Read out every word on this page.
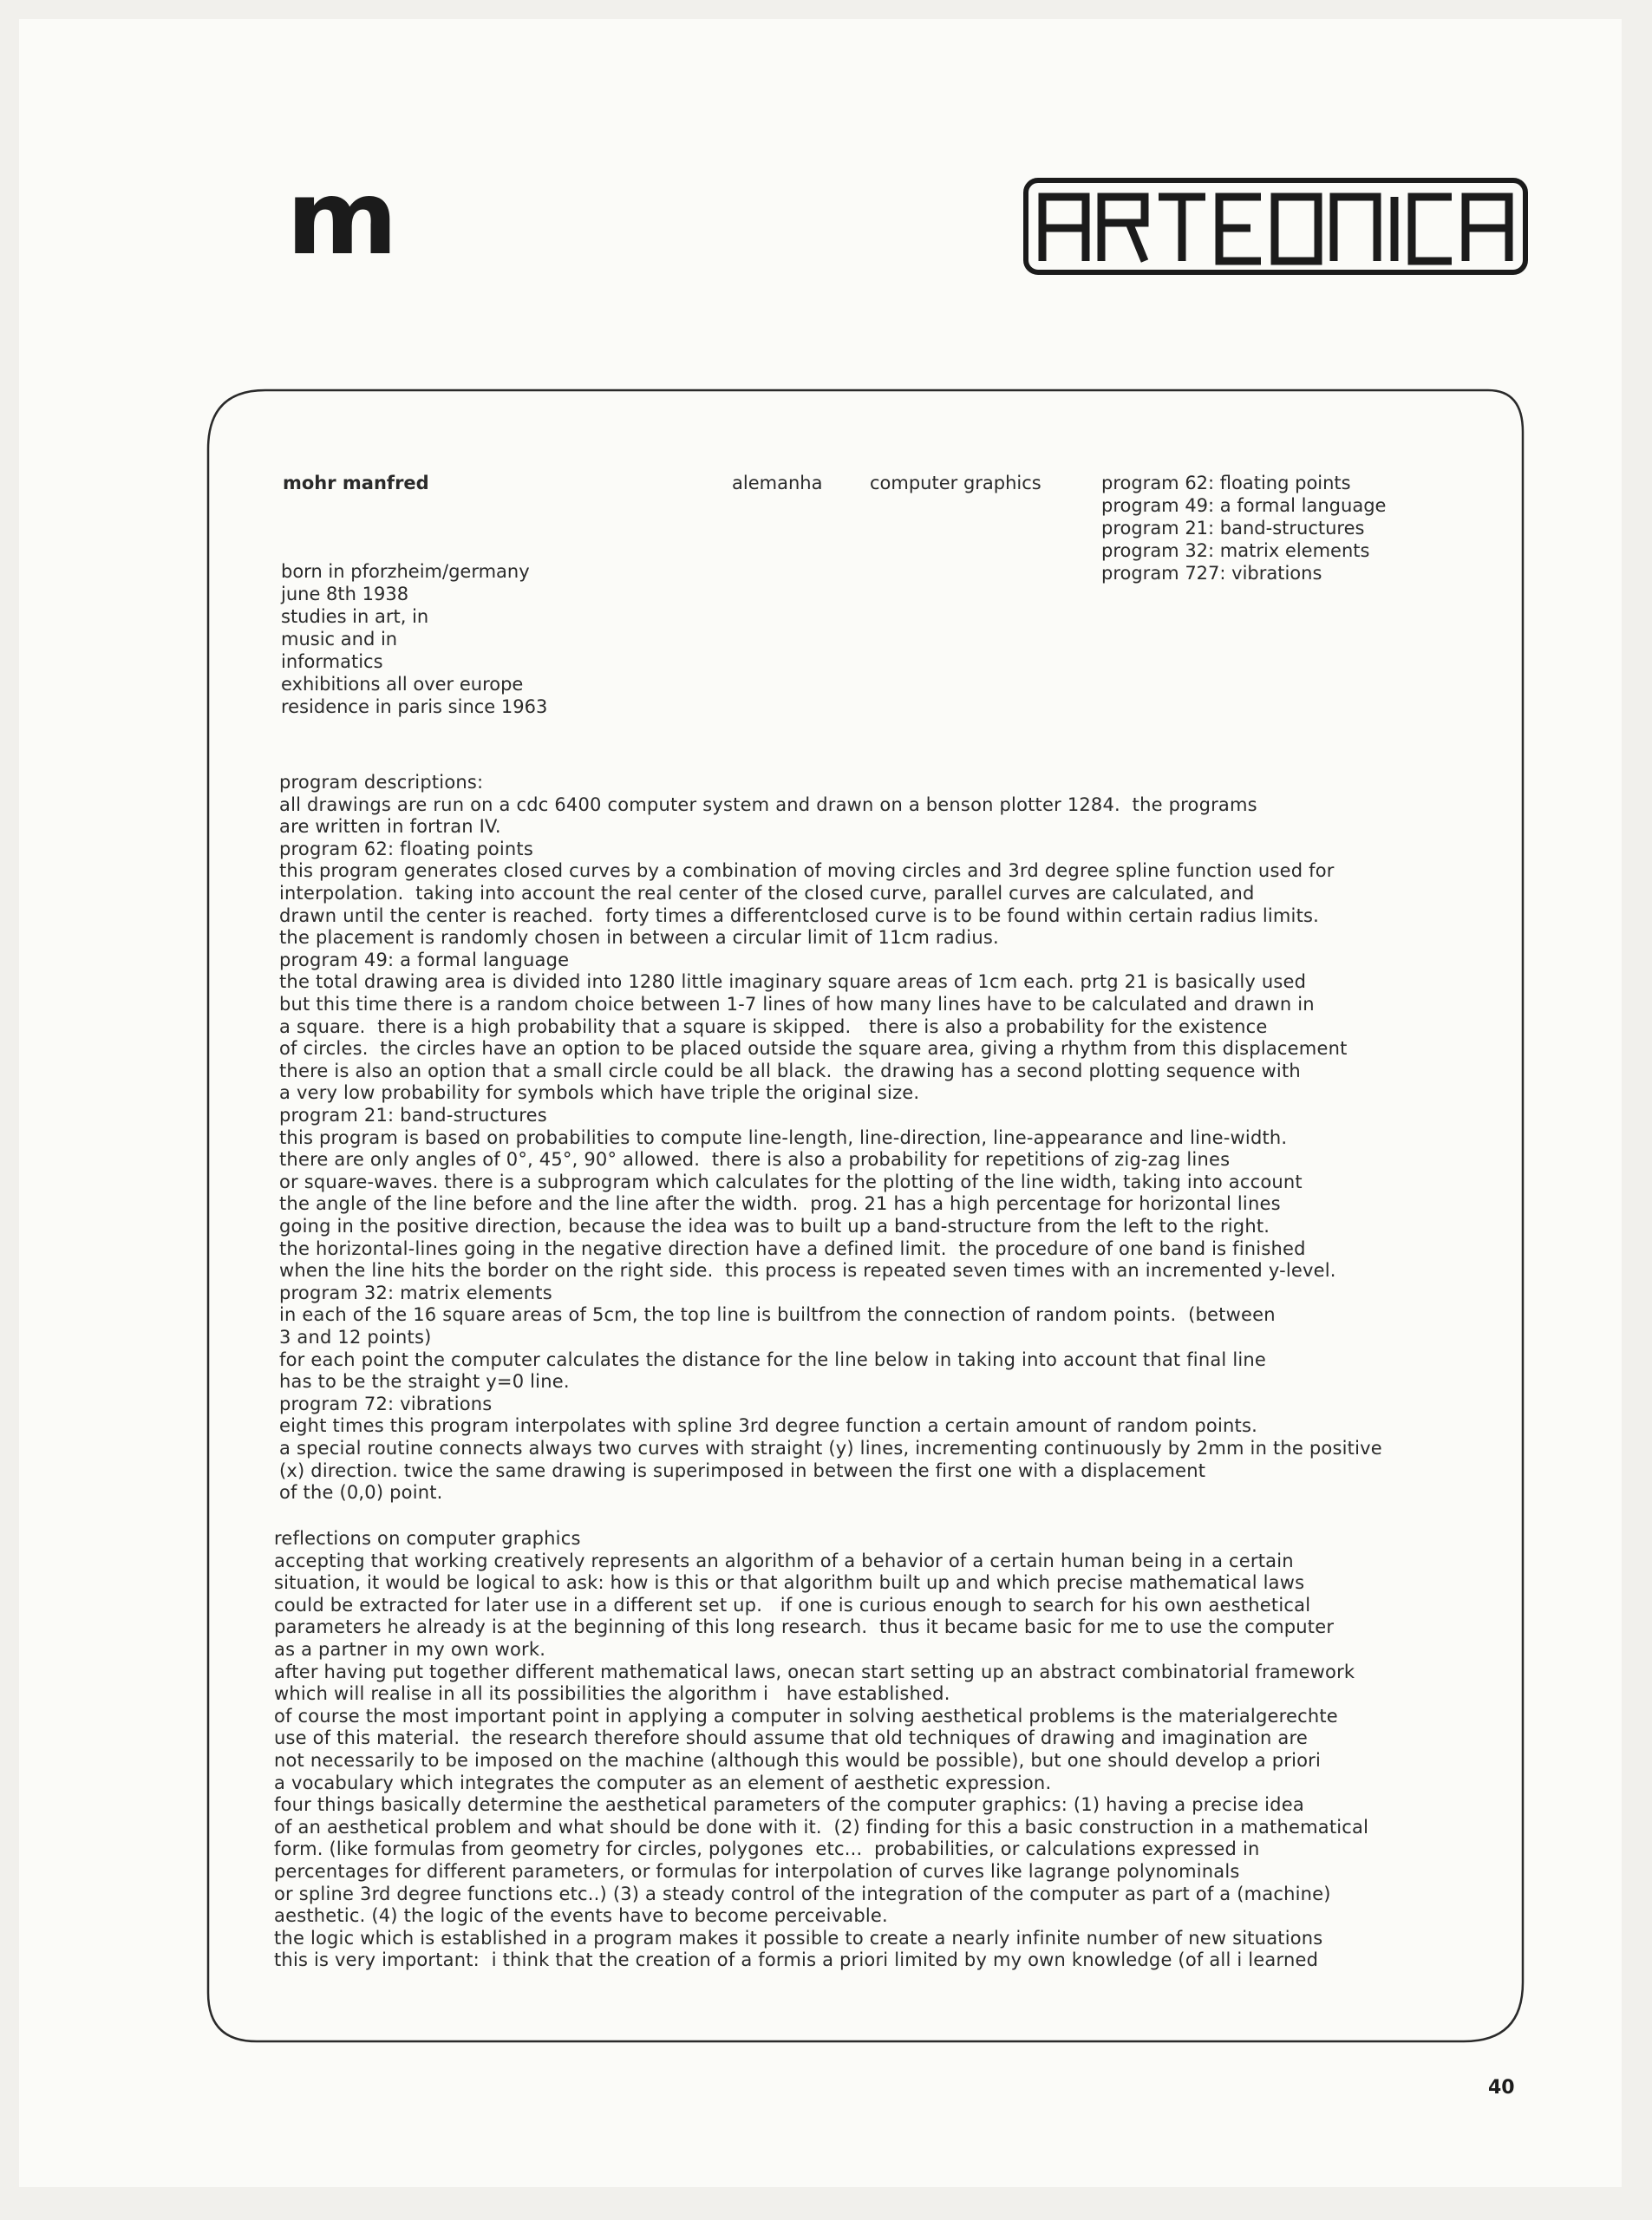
m
mohr manfred	alemanha	computer graphics	program 62: floating points
program 49: a formal language
program 21: band-structures
program 32: matrix elements
program 727: vibrations
born in pforzheim/germany
june 8th 1938
studies in art, in
music and in
informatics
exhibitions all over europe
residence in paris since 1963
program descriptions:
all drawings are run on a cdc 6400 computer system and drawn on a benson plotter 1284.  the programs
are written in fortran IV.
program 62: floating points
this program generates closed curves by a combination of moving circles and 3rd degree spline function used for
interpolation.  taking into account the real center of the closed curve, parallel curves are calculated, and
drawn until the center is reached.  forty times a differentclosed curve is to be found within certain radius limits.
the placement is randomly chosen in between a circular limit of 11cm radius.
program 49: a formal language
the total drawing area is divided into 1280 little imaginary square areas of 1cm each. prtg 21 is basically used
but this time there is a random choice between 1-7 lines of how many lines have to be calculated and drawn in
a square.  there is a high probability that a square is skipped.   there is also a probability for the existence
of circles.  the circles have an option to be placed outside the square area, giving a rhythm from this displacement
there is also an option that a small circle could be all black.  the drawing has a second plotting sequence with
a very low probability for symbols which have triple the original size.
program 21: band-structures
this program is based on probabilities to compute line-length, line-direction, line-appearance and line-width.
there are only angles of 0°, 45°, 90° allowed.  there is also a probability for repetitions of zig-zag lines
or square-waves. there is a subprogram which calculates for the plotting of the line width, taking into account
the angle of the line before and the line after the width.  prog. 21 has a high percentage for horizontal lines
going in the positive direction, because the idea was to built up a band-structure from the left to the right.
the horizontal-lines going in the negative direction have a defined limit.  the procedure of one band is finished
when the line hits the border on the right side.  this process is repeated seven times with an incremented y-level.
program 32: matrix elements
in each of the 16 square areas of 5cm, the top line is builtfrom the connection of random points.  (between
3 and 12 points)
for each point the computer calculates the distance for the line below in taking into account that final line
has to be the straight y=0 line.
program 72: vibrations
eight times this program interpolates with spline 3rd degree function a certain amount of random points.
a special routine connects always two curves with straight (y) lines, incrementing continuously by 2mm in the positive
(x) direction. twice the same drawing is superimposed in between the first one with a displacement
of the (0,0) point.
reflections on computer graphics
accepting that working creatively represents an algorithm of a behavior of a certain human being in a certain
situation, it would be logical to ask: how is this or that algorithm built up and which precise mathematical laws
could be extracted for later use in a different set up.   if one is curious enough to search for his own aesthetical
parameters he already is at the beginning of this long research.  thus it became basic for me to use the computer
as a partner in my own work.
after having put together different mathematical laws, onecan start setting up an abstract combinatorial framework
which will realise in all its possibilities the algorithm i   have established.
of course the most important point in applying a computer in solving aesthetical problems is the materialgerechte
use of this material.  the research therefore should assume that old techniques of drawing and imagination are
not necessarily to be imposed on the machine (although this would be possible), but one should develop a priori
a vocabulary which integrates the computer as an element of aesthetic expression.
four things basically determine the aesthetical parameters of the computer graphics: (1) having a precise idea
of an aesthetical problem and what should be done with it.  (2) finding for this a basic construction in a mathematical
form. (like formulas from geometry for circles, polygones  etc...  probabilities, or calculations expressed in
percentages for different parameters, or formulas for interpolation of curves like lagrange polynominals
or spline 3rd degree functions etc..) (3) a steady control of the integration of the computer as part of a (machine)
aesthetic. (4) the logic of the events have to become perceivable.
the logic which is established in a program makes it possible to create a nearly infinite number of new situations
this is very important:  i think that the creation of a formis a priori limited by my own knowledge (of all i learned
40
